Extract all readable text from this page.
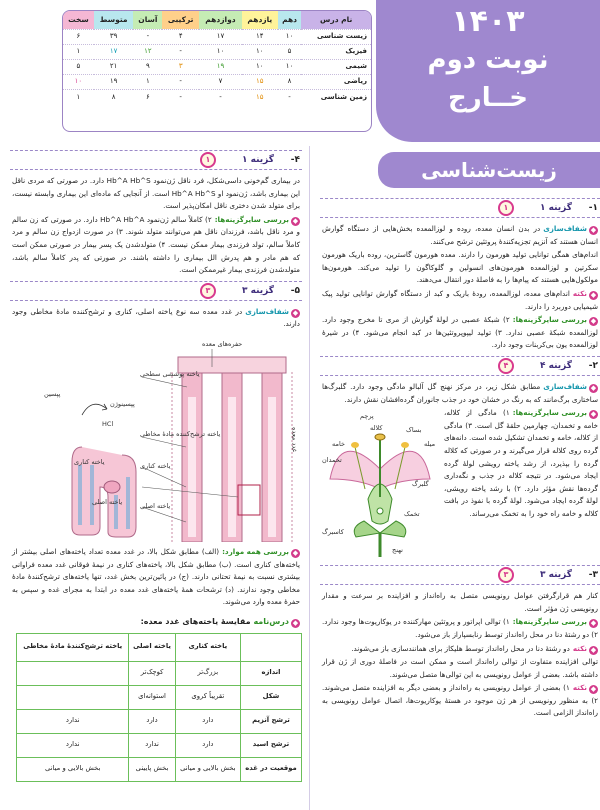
نام درس	دهم	یازدهم	دوازدهم	ترکیبی	آسان	متوسط	سخت
زیست شناسی	۱۰	۱۴	۱۷	۴	-	۳۹	۶
فیزیک	۵	۱۰	۱۰	-	۱۲	۱۷	۱
شیمی	۱۰	۱۰	۱۹	۳	۹	۲۱	۵
ریاضی	۸	۱۵	۷	-	۱	۱۹	۱۰
زمین شناسی	-	۱۵	-	-	۶	۸	۱
۱۴۰۳
نوبت دوم
خــارج
زیست‌شناسی
۴-
۱	گزینه ۱

در بیماری گم‌خونی داسی‌شکل، فرد ناقل ژن‌نمود Hb^A Hb^S دارد. در صورتی که مردی ناقل این بیماری باشد، ژن‌نمود او Hb^A Hb^S است. از آنجایی که ماده‌ای این بیماری وابسته نیست، برای متولد شدن دختری ناقل امکان‌پذیر است.

◆بررسی سایرگزینه‌ها:۲) کاملاً سالم ژن‌نمود Hb^A Hb^A دارد. در صورتی که زن سالم و مرد ناقل باشد، فرزندان ناقل هم می‌توانند متولد شوند. ۳) در صورت ازدواج زن سالم و مرد کاملاً سالم، تولد فرزندی بیمار ممکن نیست. ۴) متولدشدن یک پسر بیمار در صورتی ممکن است که هم مادر و هم پدرش الل بیماری را داشته باشند. در صورتی که پدر کاملاً سالم باشد، متولدشدن فرزندی بیمار غیرممکن است.

۵-
۳	گزینه ۳

◆شفاف‌سازیدر غدد معده سه نوع یاخته اصلی، کناری و ترشح‌کننده مادهٔ مخاطی وجود دارند.

حفره‌های معده
یاخته پوششی سطحی
پپسین
پپسینوژن
HCl
یاخته ترشح‌کننده مادهٔ مخاطی
یاخته کناری
یاخته کناری
یاخته اصلی	یاخته اصلی
غدد معده

◆بررسی همه موارد:(الف) مطابق شکل بالا، در غدد معده تعداد یاخته‌های اصلی بیشتر از یاخته‌های کناری است. (ب) مطابق شکل بالا، یاخته‌های کناری در نیمهٔ فوقانی غدد معده فراوانی بیشتری نسبت به نیمهٔ تحتانی دارند. (ج) در پائین‌ترین بخش غدد، تنها یاخته‌های ترشح‌کنندهٔ مادهٔ مخاطی وجود ندارند. (د) ترشحات همهٔ یاخته‌های غدد معده در ابتدا به مجرای غده و سپس به حفرهٔ معده وارد می‌شوند.

◆درس‌نامه مقایسهٔ یاخته‌های غدد معده:
	یاخته کناری	یاخته اصلی	یاخته ترشح‌کنندهٔ مادهٔ مخاطی
اندازه	بزرگ‌تر	کوچک‌تر	
شکل	تقریباً کروی	استوانه‌ای	
ترشح آنزیم	دارد	دارد	ندارد
ترشح اسید	دارد	ندارد	ندارد
موقعیت در غده	بخش بالایی و میانی	بخش پایینی	بخش بالایی و میانی
۱-
۱	گزینه ۱

◆شفاف‌سازیدر بدن انسان معده، روده و لوزالمعده بخش‌هایی از دستگاه گوارش انسان هستند که آنزیم تجزیه‌کنندهٔ پروتئین ترشح می‌کنند.

اندام‌های همگی توانایی تولید هورمون را دارند. معده هورمون گاسترین، روده باریک هورمون سکرتین و لوزالمعده هورمون‌های انسولین و گلوکاگون را تولید می‌کند. هورمون‌ها مولکول‌هایی هستند که پیام‌ها را به فاصلهٔ دور انتقال می‌دهند.

◆نکتهاندام‌های معده، لوزالمعده، رودهٔ باریک و کبد از دستگاه گوارش توانایی تولید پیک شیمیایی دوربرد را دارند.

◆بررسی سایرگزینه‌ها:۲) شبکهٔ عصبی در لولهٔ گوارش از مری تا مخرج وجود دارد. لوزالمعده شبکهٔ عصبی ندارد. ۳) تولید لیپوپروتئین‌ها در کبد انجام می‌شود. ۴) در شیرهٔ لوزالمعده یون بی‌کربنات وجود دارد.

۲-
۴	گزینه ۴

◆شفاف‌سازیمطابق شکل زیر، در مرکز نهنج گل آلبالو مادگی وجود دارد. گلبرگ‌ها ساختاری برگ‌مانند که به رنگ در خشان خود در جذب جانوران گرده‌افشان نقش دارند.

پرچم
بساک
میله
کلاله
خامه
تخمدان
گلبرگ
کاسبرگ
تخمک
نهنج

◆بررسی سایرگزینه‌ها:۱) مادگی از کلاله، خامه و تخمدان، چهارمین حلقهٔ گل است. ۳) مادگی از کلاله، خامه و تخمدان تشکیل شده است. دانه‌های گرده روی کلاله قرار می‌گیرند و در صورتی که کلاله گرده را بپذیرد، از رشد یاخته رویشی لولهٔ گرده ایجاد می‌شود. در نتیجه کلاله در جذب و نگه‌داری گرده‌ها نقش مؤثر دارد. ۲) با رشد یاخته رویشی، لولهٔ گرده ایجاد می‌شود. لولهٔ گرده با نفوذ در بافت کلاله و خامه راه خود را به تخمک می‌رساند.

۳-
۳	گزینه ۳

کنار هم قرارگرفتن عوامل رونویسی متصل به راه‌انداز و افزاینده بر سرعت و مقدار رونویسی ژن مؤثر است.

◆بررسی سایرگزینه‌ها:۱) توالی اپراتور و پروتئین مهارکننده در یوکاریوت‌ها وجود ندارد. ۲) دو رشتهٔ دنا در محل راه‌انداز توسط رنابسپاراز باز می‌شود.

◆نکتهدو رشتهٔ دنا در محل راه‌انداز توسط هلیکاز برای همانندسازی باز می‌شوند.

توالی افزاینده متفاوت از توالی راه‌انداز است و ممکن است در فاصلهٔ دوری از ژن قرار داشته باشد. بعضی از عوامل رونویسی به این توالی‌ها متصل می‌شوند.

◆نکته۱) بعضی از عوامل رونویسی به راه‌انداز و بعضی دیگر به افزاینده متصل می‌شوند. ۲) به منظور رونویسی از هر ژن موجود در هستهٔ یوکاریوت‌ها، اتصال عوامل رونویسی به راه‌انداز الزامی است.
